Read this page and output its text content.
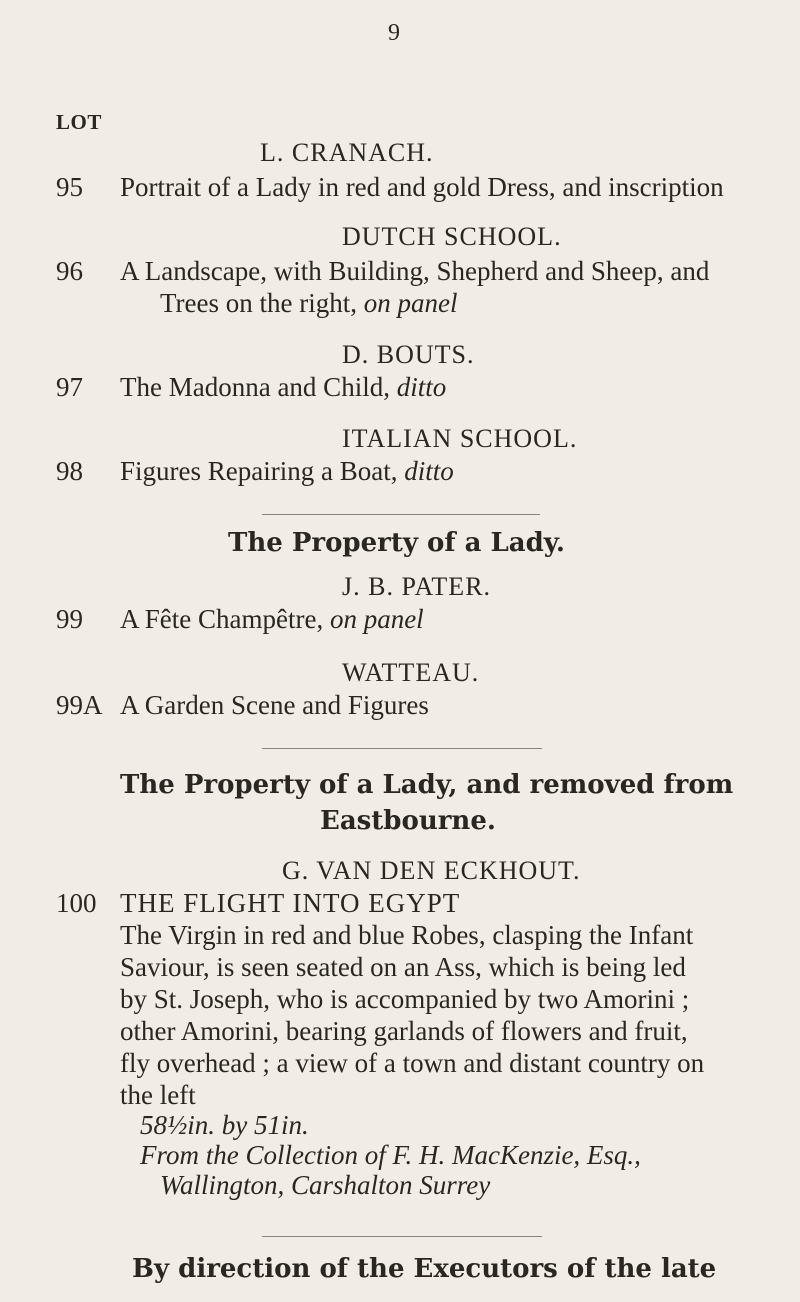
9
LOT
L. CRANACH.
95 Portrait of a Lady in red and gold Dress, and inscription
DUTCH SCHOOL.
96 A Landscape, with Building, Shepherd and Sheep, and
Trees on the right, on panel
D. BOUTS.
97 The Madonna and Child, ditto
ITALIAN SCHOOL.
98 Figures Repairing a Boat, ditto
The Property of a Lady.
J. B. PATER.
99 A Fête Champêtre, on panel
WATTEAU.
99A A Garden Scene and Figures
The Property of a Lady, and removed from
Eastbourne.
G. VAN DEN ECKHOUT.
100 THE FLIGHT INTO EGYPT
The Virgin in red and blue Robes, clasping the Infant
Saviour, is seen seated on an Ass, which is being led
by St. Joseph, who is accompanied by two Amorini ;
other Amorini, bearing garlands of flowers and fruit,
fly overhead ; a view of a town and distant country on
the left
58½in. by 51in.
From the Collection of F. H. MacKenzie, Esq.,
Wallington, Carshalton Surrey
By direction of the Executors of the late
